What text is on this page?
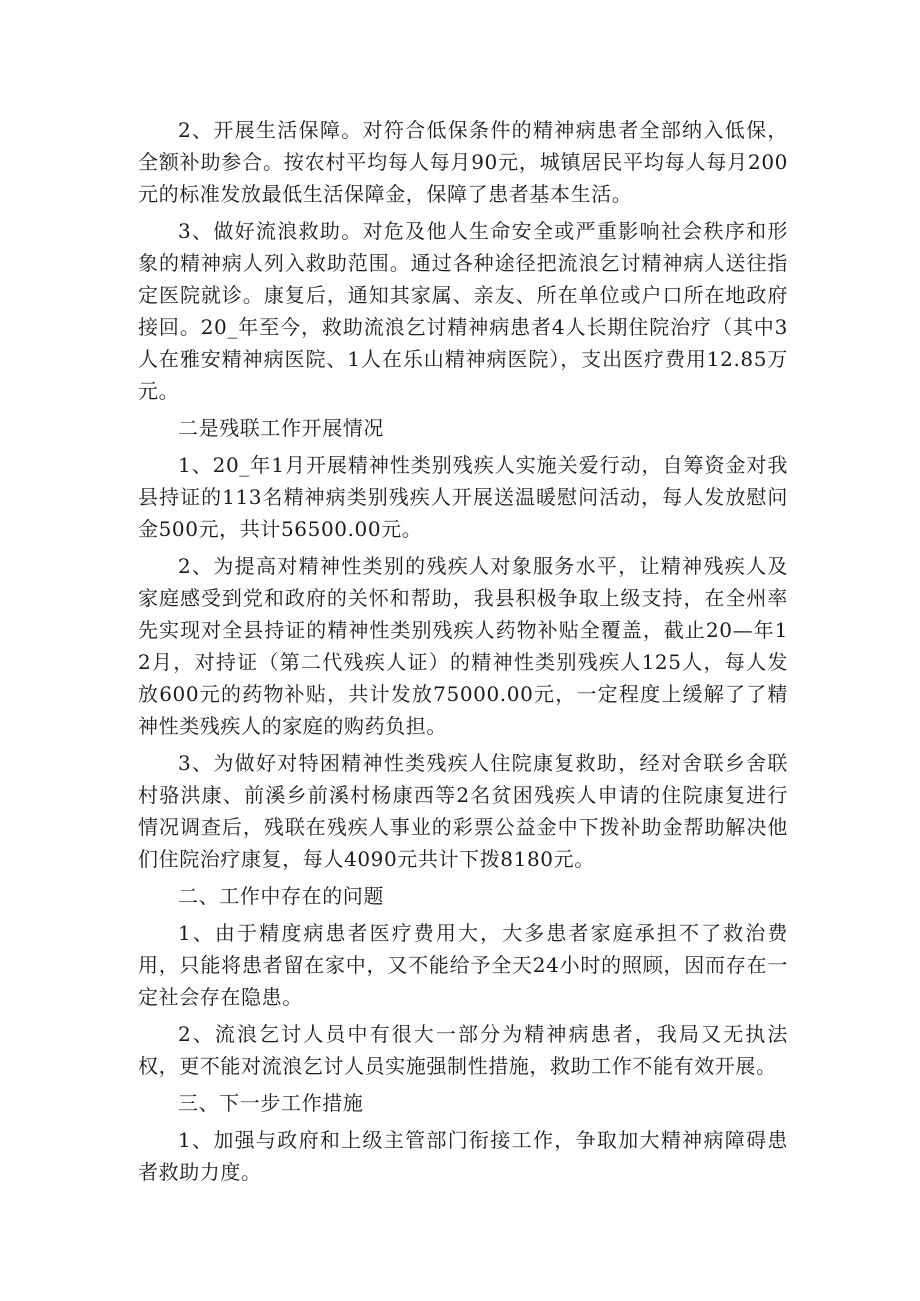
2、开展生活保障。对符合低保条件的精神病患者全部纳入低保，全额补助参合。按农村平均每人每月90元，城镇居民平均每人每月200元的标准发放最低生活保障金，保障了患者基本生活。

3、做好流浪救助。对危及他人生命安全或严重影响社会秩序和形象的精神病人列入救助范围。通过各种途径把流浪乞讨精神病人送往指定医院就诊。康复后，通知其家属、亲友、所在单位或户口所在地政府接回。20_年至今，救助流浪乞讨精神病患者4人长期住院治疗（其中3人在雅安精神病医院、1人在乐山精神病医院），支出医疗费用12.85万元。

二是残联工作开展情况

1、20_年1月开展精神性类别残疾人实施关爱行动，自筹资金对我县持证的113名精神病类别残疾人开展送温暖慰问活动，每人发放慰问金500元，共计56500.00元。

2、为提高对精神性类别的残疾人对象服务水平，让精神残疾人及家庭感受到党和政府的关怀和帮助，我县积极争取上级支持，在全州率先实现对全县持证的精神性类别残疾人药物补贴全覆盖，截止20—年12月，对持证（第二代残疾人证）的精神性类别残疾人125人，每人发放600元的药物补贴，共计发放75000.00元，一定程度上缓解了了精神性类残疾人的家庭的购药负担。

3、为做好对特困精神性类残疾人住院康复救助，经对舍联乡舍联村骆洪康、前溪乡前溪村杨康西等2名贫困残疾人申请的住院康复进行情况调查后，残联在残疾人事业的彩票公益金中下拨补助金帮助解决他们住院治疗康复，每人4090元共计下拨8180元。

二、工作中存在的问题

1、由于精度病患者医疗费用大，大多患者家庭承担不了救治费用，只能将患者留在家中，又不能给予全天24小时的照顾，因而存在一定社会存在隐患。

2、流浪乞讨人员中有很大一部分为精神病患者，我局又无执法权，更不能对流浪乞讨人员实施强制性措施，救助工作不能有效开展。

三、下一步工作措施

1、加强与政府和上级主管部门衔接工作，争取加大精神病障碍患者救助力度。
